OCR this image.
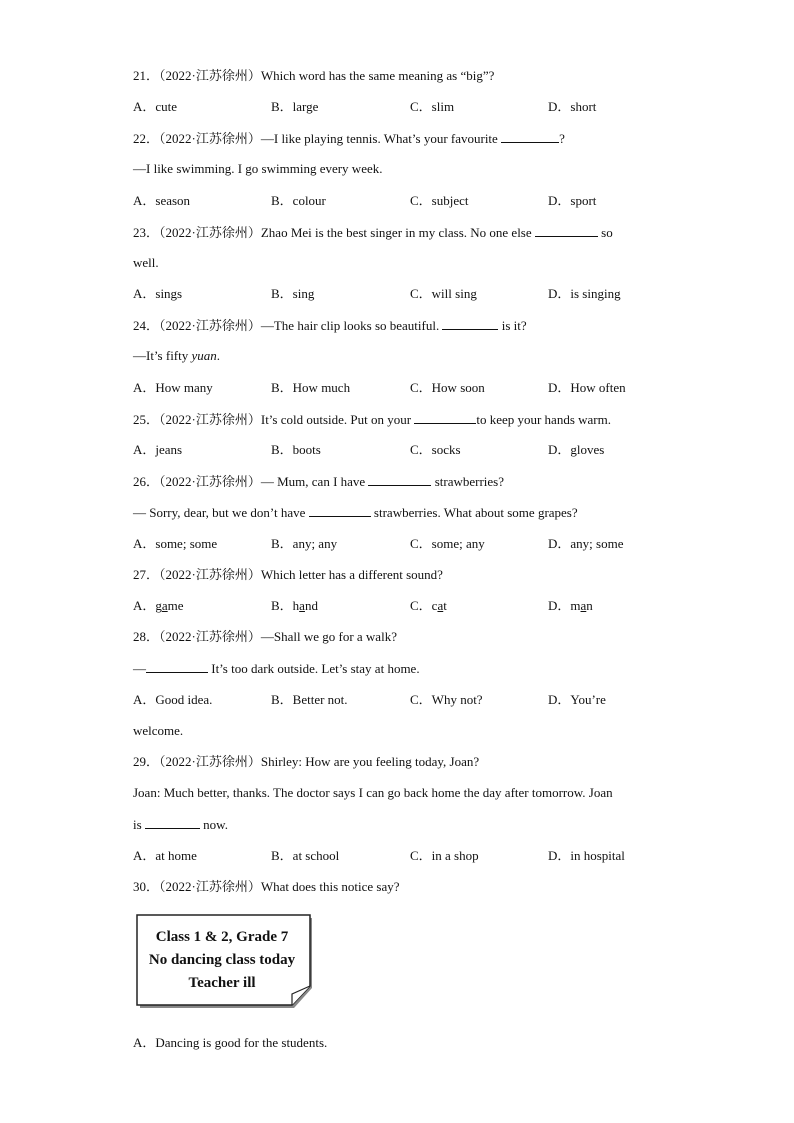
21．（2022·江苏徐州）Which word has the same meaning as “big”?
A．cute	B．large	C．slim	D．short
22．（2022·江苏徐州）—I like playing tennis. What’s your favourite	?
—I like swimming. I go swimming every week.
A．season	B．colour	C．subject	D．sport
23．（2022·江苏徐州）Zhao Mei is the best singer in my class. No one else	so
well.
A．sings	B．sing	C．will sing	D．is singing
24．（2022·江苏徐州）—The hair clip looks so beautiful.	is it?
—It’s fifty yuan.
A．How many	B．How much	C．How soon	D．How often
25．（2022·江苏徐州）It’s cold outside. Put on your	to keep your hands warm.
A．jeans	B．boots	C．socks	D．gloves
26．（2022·江苏徐州）— Mum, can I have	strawberries?
— Sorry, dear, but we don’t have	strawberries. What about some grapes?
A．some; some	B．any; any	C．some; any	D．any; some
27．（2022·江苏徐州）Which letter has a different sound?
A．game	B．hand	C．cat	D．man
28．（2022·江苏徐州）—Shall we go for a walk?
—	It’s too dark outside. Let’s stay at home.
A．Good idea.	B．Better not.	C．Why not?	D．You’re
welcome.
29．（2022·江苏徐州）Shirley: How are you feeling today, Joan?
Joan: Much better, thanks. The doctor says I can go back home the day after tomorrow. Joan
is	now.
A．at home	B．at school	C．in a shop	D．in hospital
30．（2022·江苏徐州）What does this notice say?
Class 1 & 2, Grade 7
No dancing class today
Teacher ill
A．Dancing is good for the students.
